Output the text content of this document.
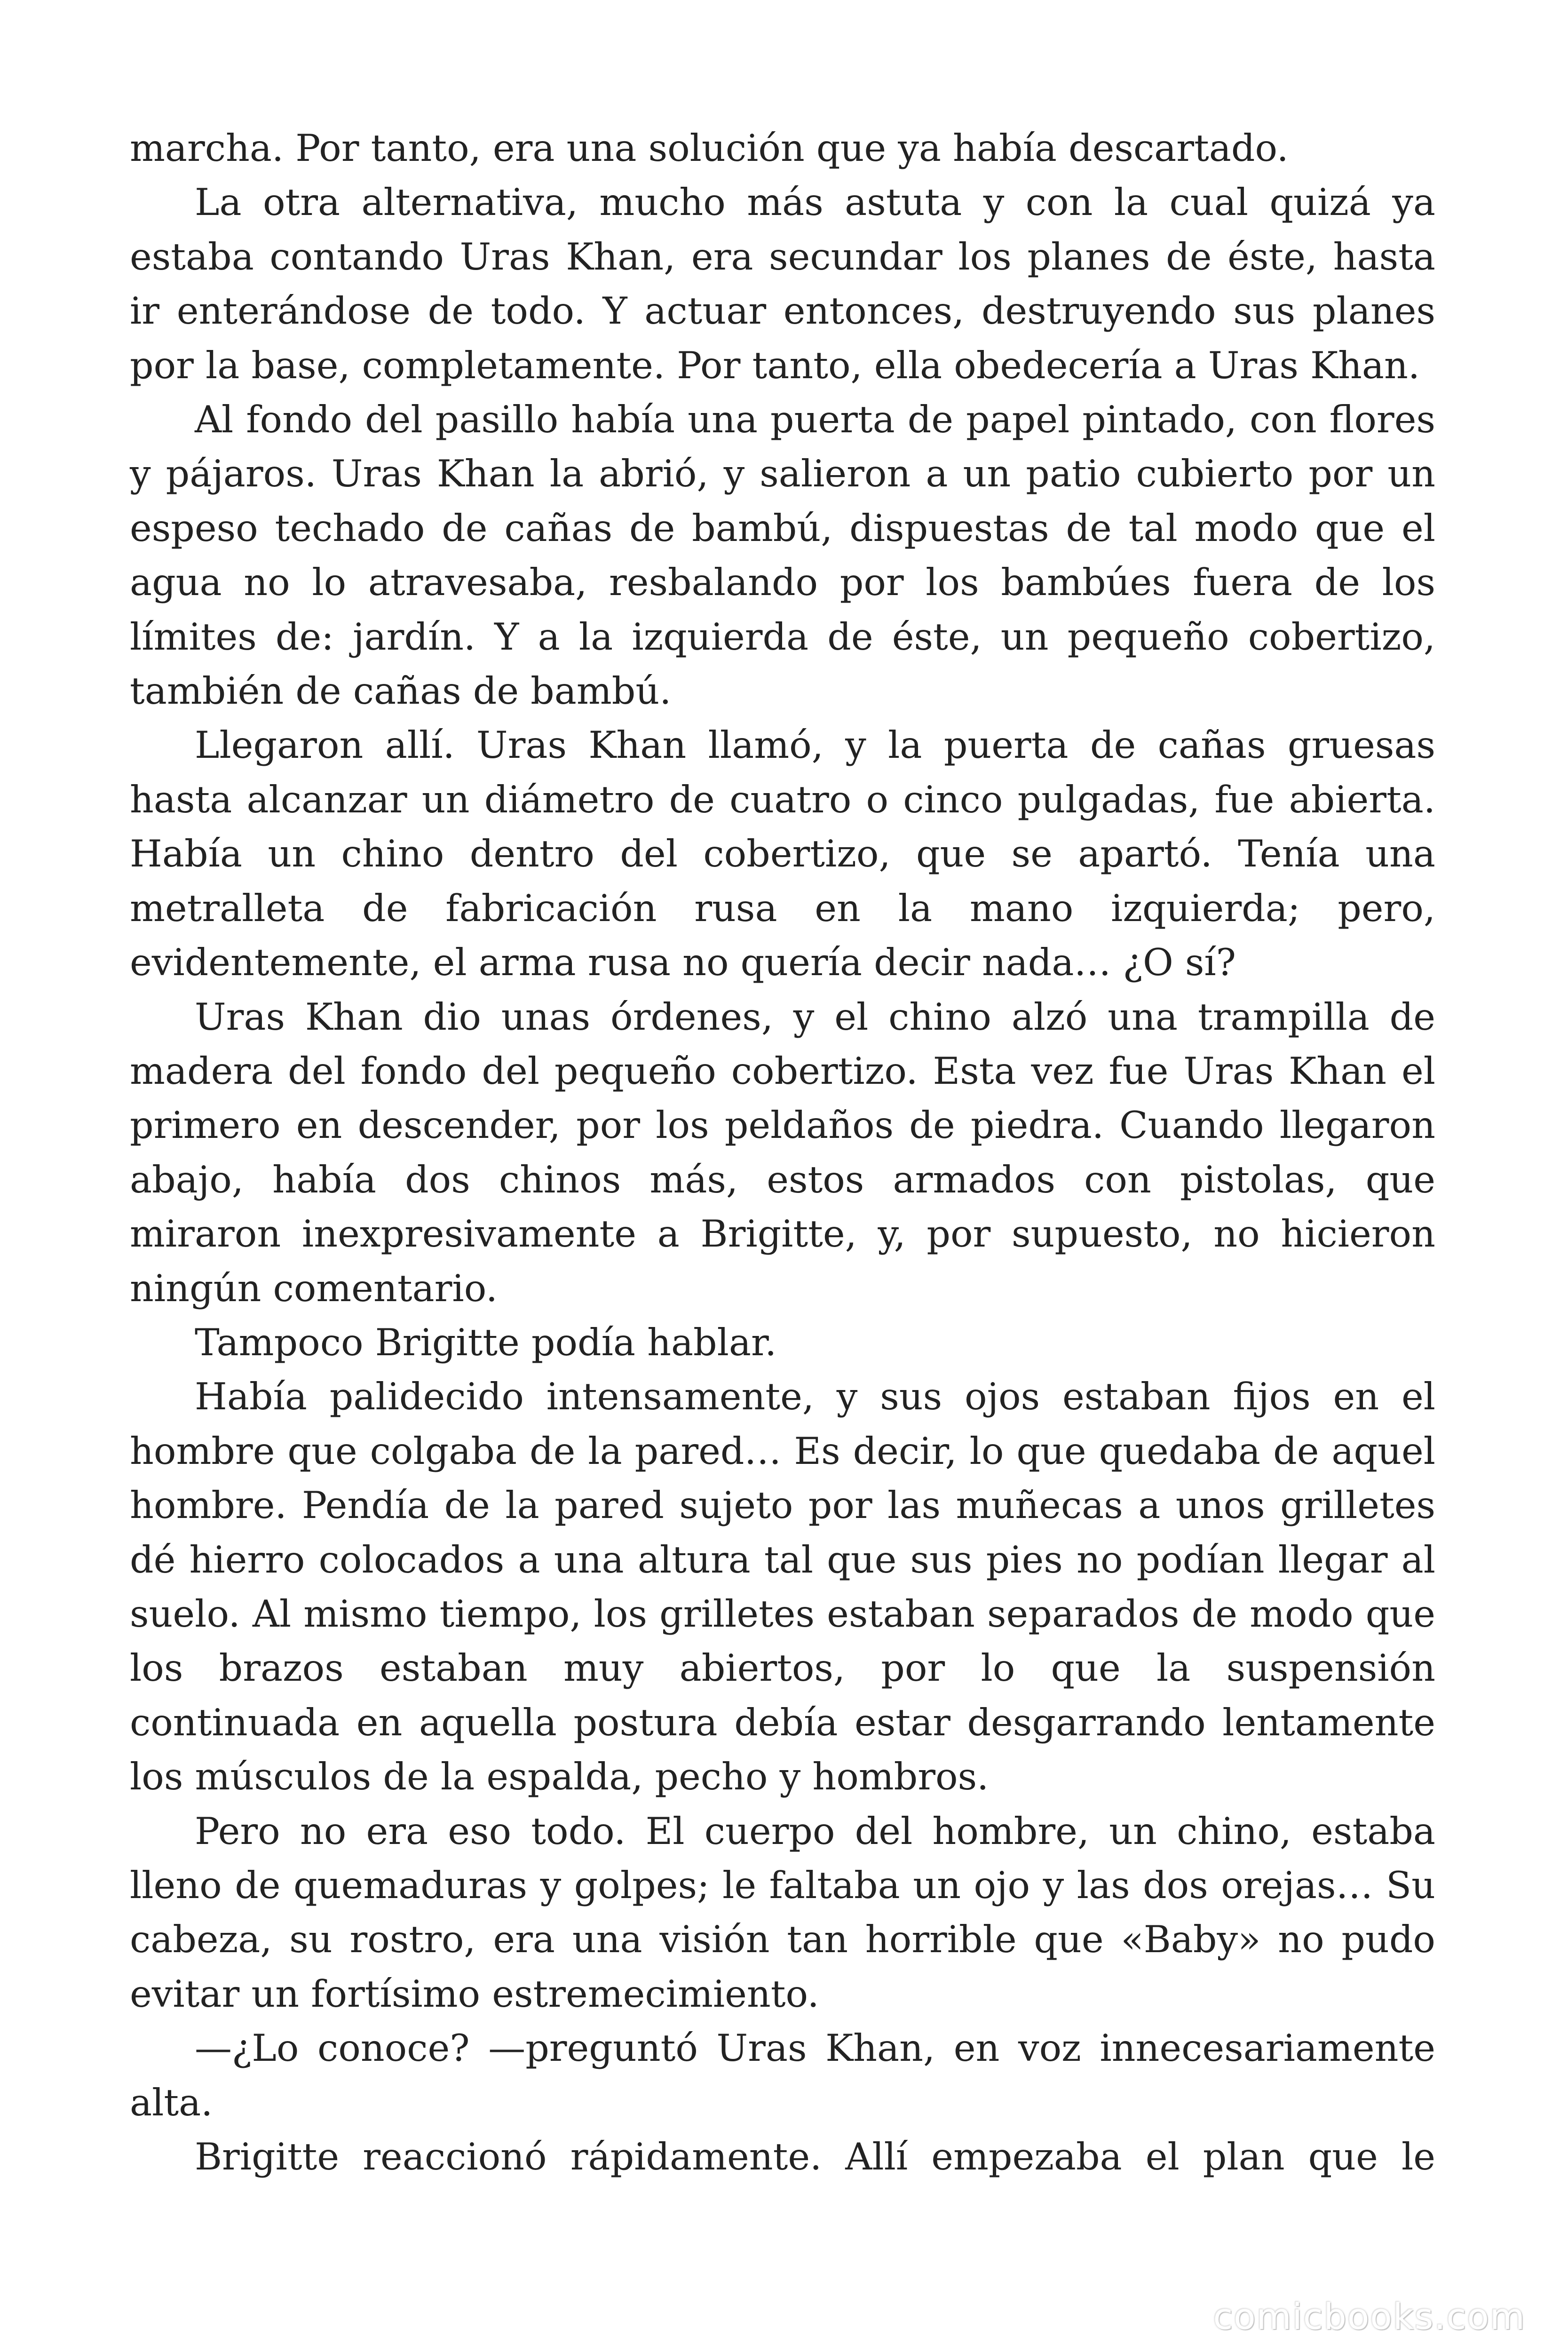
marcha. Por tanto, era una solución que ya había descartado.

La otra alternativa, mucho más astuta y con la cual quizá ya estaba contando Uras Khan, era secundar los planes de éste, hasta ir enterándose de todo. Y actuar entonces, destruyendo sus planes por la base, completamente. Por tanto, ella obedecería a Uras Khan.

Al fondo del pasillo había una puerta de papel pintado, con flores y pájaros. Uras Khan la abrió, y salieron a un patio cubierto por un espeso techado de cañas de bambú, dispuestas de tal modo que el agua no lo atravesaba, resbalando por los bambúes fuera de los límites de: jardín. Y a la izquierda de éste, un pequeño cobertizo, también de cañas de bambú.

Llegaron allí. Uras Khan llamó, y la puerta de cañas gruesas hasta alcanzar un diámetro de cuatro o cinco pulgadas, fue abierta. Había un chino dentro del cobertizo, que se apartó. Tenía una metralleta de fabricación rusa en la mano izquierda; pero, evidentemente, el arma rusa no quería decir nada… ¿O sí?

Uras Khan dio unas órdenes, y el chino alzó una trampilla de madera del fondo del pequeño cobertizo. Esta vez fue Uras Khan el primero en descender, por los peldaños de piedra. Cuando llegaron abajo, había dos chinos más, estos armados con pistolas, que miraron inexpresivamente a Brigitte, y, por supuesto, no hicieron ningún comentario.

Tampoco Brigitte podía hablar.

Había palidecido intensamente, y sus ojos estaban fijos en el hombre que colgaba de la pared… Es decir, lo que quedaba de aquel hombre. Pendía de la pared sujeto por las muñecas a unos grilletes dé hierro colocados a una altura tal que sus pies no podían llegar al suelo. Al mismo tiempo, los grilletes estaban separados de modo que los brazos estaban muy abiertos, por lo que la suspensión continuada en aquella postura debía estar desgarrando lentamente los músculos de la espalda, pecho y hombros.

Pero no era eso todo. El cuerpo del hombre, un chino, estaba lleno de quemaduras y golpes; le faltaba un ojo y las dos orejas… Su cabeza, su rostro, era una visión tan horrible que «Baby» no pudo evitar un fortísimo estremecimiento.

—¿Lo conoce? —preguntó Uras Khan, en voz innecesariamente alta.

Brigitte reaccionó rápidamente. Allí empezaba el plan que le

comicbooks.com
